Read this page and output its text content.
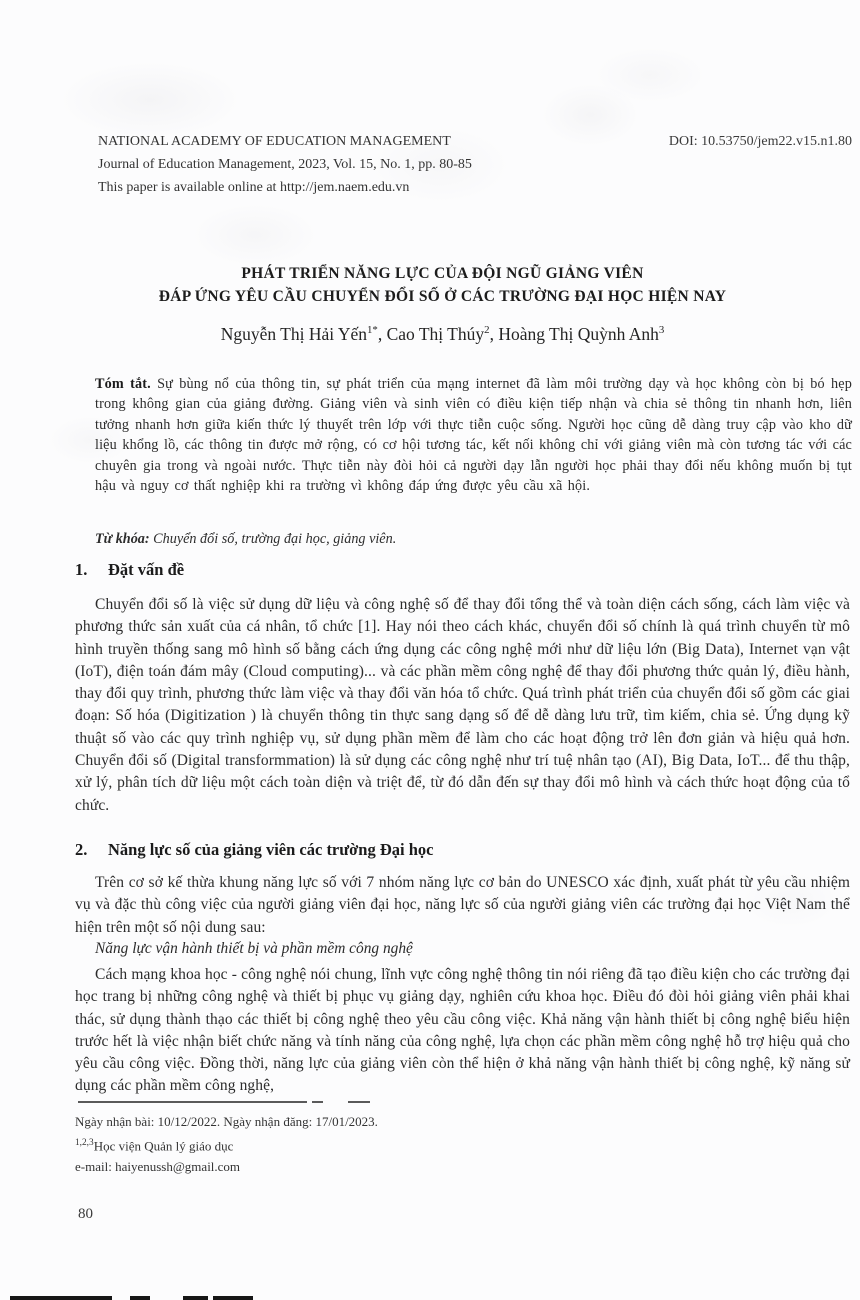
NATIONAL ACADEMY OF EDUCATION MANAGEMENT
Journal of Education Management, 2023, Vol. 15, No. 1, pp. 80-85
This paper is available online at http://jem.naem.edu.vn
DOI: 10.53750/jem22.v15.n1.80
PHÁT TRIỂN NĂNG LỰC CỦA ĐỘI NGŨ GIẢNG VIÊN
ĐÁP ỨNG YÊU CẦU CHUYỂN ĐỔI SỐ Ở CÁC TRƯỜNG ĐẠI HỌC HIỆN NAY
Nguyễn Thị Hải Yến$^{1*}$, Cao Thị Thúy$^2$, Hoàng Thị Quỳnh Anh$^3$
Tóm tắt. Sự bùng nổ của thông tin, sự phát triển của mạng internet đã làm môi trường dạy và học không còn bị bó hẹp trong không gian của giảng đường. Giảng viên và sinh viên có điều kiện tiếp nhận và chia sẻ thông tin nhanh hơn, liên tưởng nhanh hơn giữa kiến thức lý thuyết trên lớp với thực tiễn cuộc sống. Người học cũng dễ dàng truy cập vào kho dữ liệu khổng lồ, các thông tin được mở rộng, có cơ hội tương tác, kết nối không chỉ với giảng viên mà còn tương tác với các chuyên gia trong và ngoài nước. Thực tiễn này đòi hỏi cả người dạy lẫn người học phải thay đổi nếu không muốn bị tụt hậu và nguy cơ thất nghiệp khi ra trường vì không đáp ứng được yêu cầu xã hội.
Từ khóa: Chuyển đổi số, trường đại học, giảng viên.
1. Đặt vấn đề
Chuyển đổi số là việc sử dụng dữ liệu và công nghệ số để thay đổi tổng thể và toàn diện cách sống, cách làm việc và phương thức sản xuất của cá nhân, tổ chức [1]. Hay nói theo cách khác, chuyển đổi số chính là quá trình chuyển từ mô hình truyền thống sang mô hình số bằng cách ứng dụng các công nghệ mới như dữ liệu lớn (Big Data), Internet vạn vật (IoT), điện toán đám mây (Cloud computing)... và các phần mềm công nghệ để thay đổi phương thức quản lý, điều hành, thay đổi quy trình, phương thức làm việc và thay đổi văn hóa tổ chức. Quá trình phát triển của chuyển đổi số gồm các giai đoạn: Số hóa (Digitization ) là chuyển thông tin thực sang dạng số để dễ dàng lưu trữ, tìm kiếm, chia sẻ. Ứng dụng kỹ thuật số vào các quy trình nghiệp vụ, sử dụng phần mềm để làm cho các hoạt động trở lên đơn giản và hiệu quả hơn. Chuyển đổi số (Digital transformmation) là sử dụng các công nghệ như trí tuệ nhân tạo (AI), Big Data, IoT... để thu thập, xử lý, phân tích dữ liệu một cách toàn diện và triệt để, từ đó dẫn đến sự thay đổi mô hình và cách thức hoạt động của tổ chức.
2. Năng lực số của giảng viên các trường Đại học
Trên cơ sở kế thừa khung năng lực số với 7 nhóm năng lực cơ bản do UNESCO xác định, xuất phát từ yêu cầu nhiệm vụ và đặc thù công việc của người giảng viên đại học, năng lực số của người giảng viên các trường đại học Việt Nam thể hiện trên một số nội dung sau:
Năng lực vận hành thiết bị và phần mềm công nghệ
Cách mạng khoa học - công nghệ nói chung, lĩnh vực công nghệ thông tin nói riêng đã tạo điều kiện cho các trường đại học trang bị những công nghệ và thiết bị phục vụ giảng dạy, nghiên cứu khoa học. Điều đó đòi hỏi giảng viên phải khai thác, sử dụng thành thạo các thiết bị công nghệ theo yêu cầu công việc. Khả năng vận hành thiết bị công nghệ biểu hiện trước hết là việc nhận biết chức năng và tính năng của công nghệ, lựa chọn các phần mềm công nghệ hỗ trợ hiệu quả cho yêu cầu công việc. Đồng thời, năng lực của giảng viên còn thể hiện ở khả năng vận hành thiết bị công nghệ, kỹ năng sử dụng các phần mềm công nghệ,
Ngày nhận bài: 10/12/2022. Ngày nhận đăng: 17/01/2023.
$^{1,2,3}$Học viện Quản lý giáo dục
e-mail: haiyenussh@gmail.com
80
